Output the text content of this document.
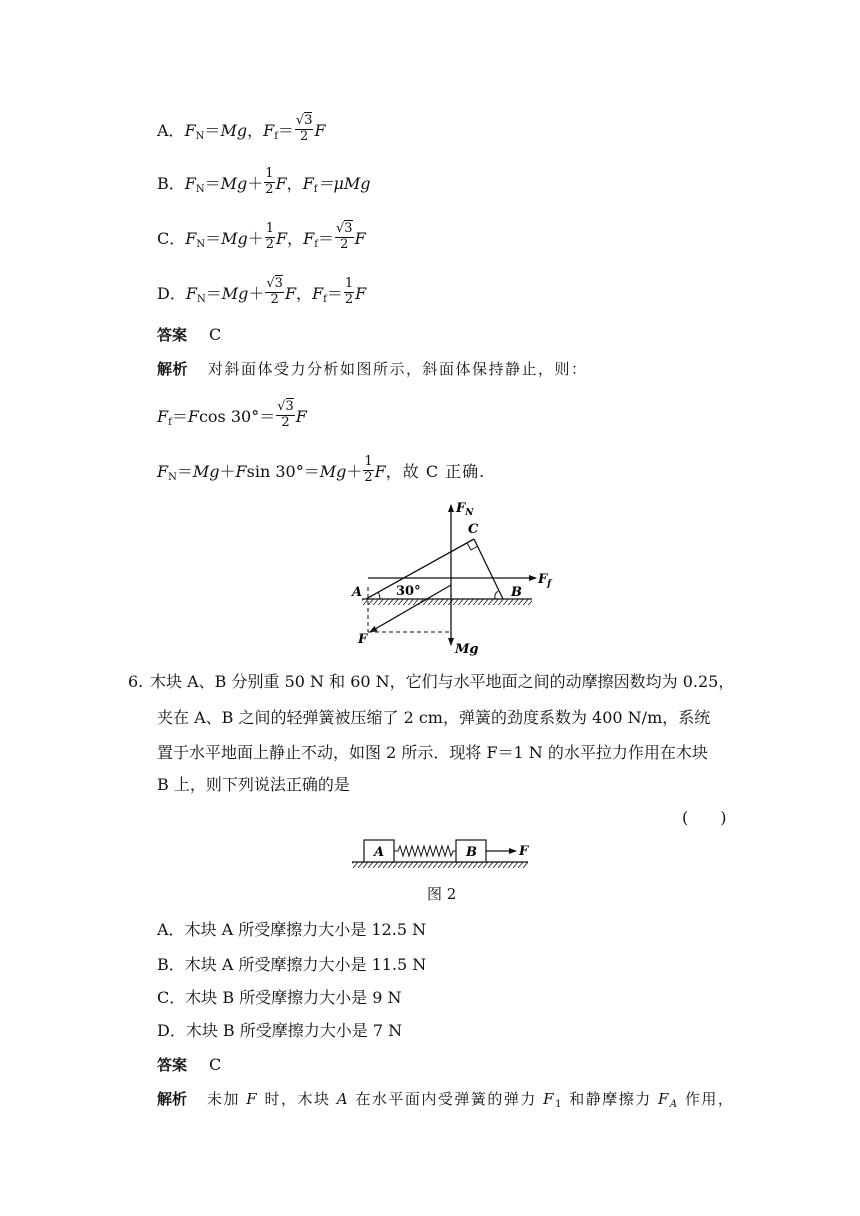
A．$F_N=Mg$，$F_f= \frac{√3}{2}$ F
B．$F_N=Mg+ \frac{1}{2}$ F，$F_f=\mu Mg$
C．$F_N=Mg+ \frac{1}{2}$ F，$F_f= \frac{√3}{2}$ F
D．$F_N=Mg+ \frac{√3}{2}$ F，$F_f= \frac{1}{2}$ F
答案 C
解析 对斜面体受力分析如图所示，斜面体保持静止，则：
$F_f=Fcos$ $30^\circ= \frac{√3}{2}$ F
$F_N=Mg+Fsin$ $30^\circ=Mg+ \frac{1}{2}$ F，故 C 正确.
$F_N$
C
$F_f$
A	30°	B
F
Mg
6. 木块 A、B 分别重 50 N 和 60 N，它们与水平地面之间的动摩擦因数均为 0.25，
夹在 A、B 之间的轻弹簧被压缩了 2 cm，弹簧的劲度系数为 400 N/m，系统
置于水平地面上静止不动，如图 2 所示．现将 F＝1 N 的水平拉力作用在木块
B 上，则下列说法正确的是
(　　)
A	B	F
图 2
A．木块 A 所受摩擦力大小是 12.5 N
B．木块 A 所受摩擦力大小是 11.5 N
C．木块 B 所受摩擦力大小是 9 N
D．木块 B 所受摩擦力大小是 7 N
答案 C
解析 未加 F 时，木块 A 在水平面内受弹簧的弹力 $F_1$ 和静摩擦力 $F_A$ 作用，
